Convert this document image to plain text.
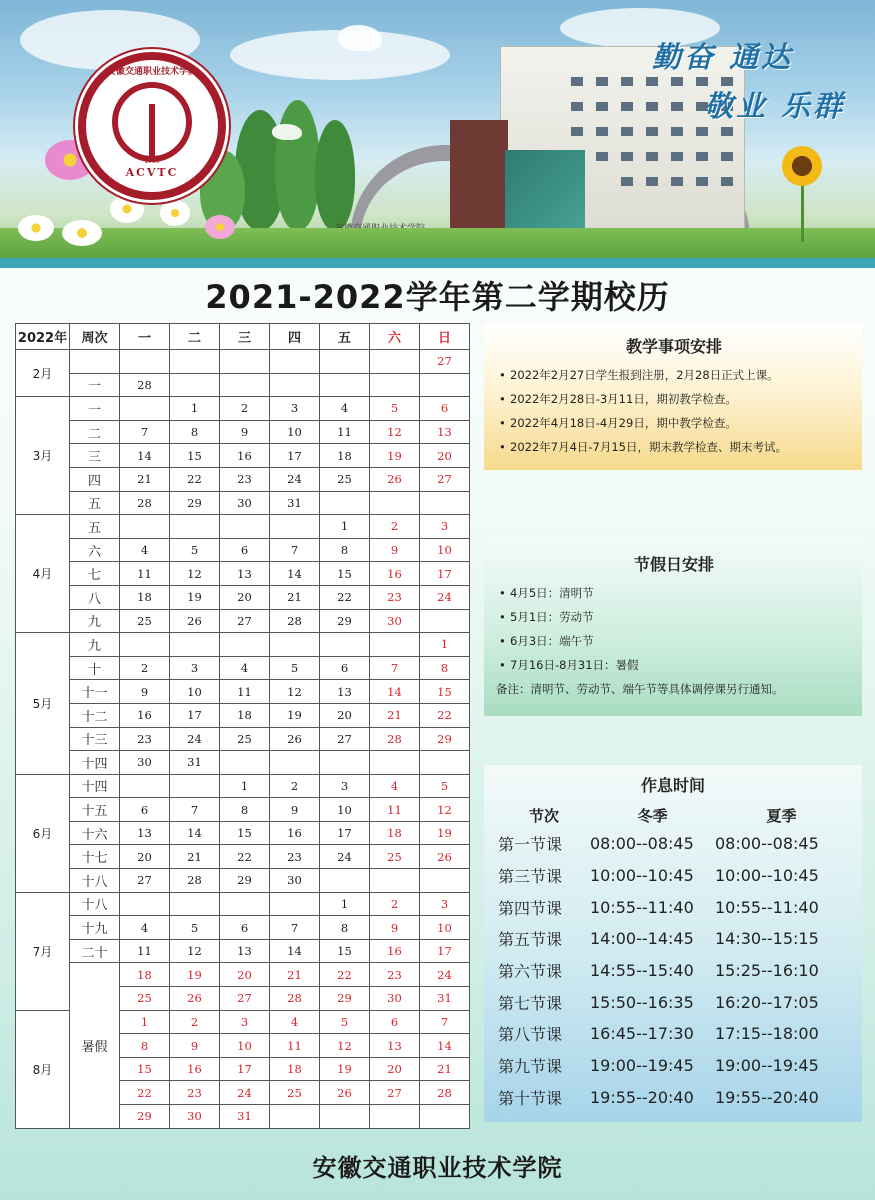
安徽交通职业技术学院
1956
ACVTC
勤奋 通达
敬业 乐群
2021-2022学年第二学期校历
2022年	周次	一	二	三	四	五	六	日
2月								27
	一	28						
3月	一		1	2	3	4	5	6
	二	7	8	9	10	11	12	13
	三	14	15	16	17	18	19	20
	四	21	22	23	24	25	26	27
	五	28	29	30	31			
4月	五					1	2	3
	六	4	5	6	7	8	9	10
	七	11	12	13	14	15	16	17
	八	18	19	20	21	22	23	24
	九	25	26	27	28	29	30	
5月	九							1
	十	2	3	4	5	6	7	8
	十一	9	10	11	12	13	14	15
	十二	16	17	18	19	20	21	22
	十三	23	24	25	26	27	28	29
	十四	30	31					
6月	十四			1	2	3	4	5
	十五	6	7	8	9	10	11	12
	十六	13	14	15	16	17	18	19
	十七	20	21	22	23	24	25	26
	十八	27	28	29	30			
7月	十八					1	2	3
	十九	4	5	6	7	8	9	10
	二十	11	12	13	14	15	16	17
	暑假	18	19	20	21	22	23	24
		25	26	27	28	29	30	31
8月		1	2	3	4	5	6	7
		8	9	10	11	12	13	14
		15	16	17	18	19	20	21
		22	23	24	25	26	27	28
		29	30	31				
教学事项安排
• 2022年2月27日学生报到注册，2月28日正式上课。
• 2022年2月28日-3月11日，期初教学检查。
• 2022年4月18日-4月29日，期中教学检查。
• 2022年7月4日-7月15日，期末教学检查、期末考试。
节假日安排
• 4月5日：清明节
• 5月1日：劳动节
• 6月3日：端午节
• 7月16日-8月31日：暑假
备注：清明节、劳动节、端午节等具体调停课另行通知。
作息时间
节次	冬季	夏季
第一节课	08:00--08:45	08:00--08:45
第三节课	10:00--10:45	10:00--10:45
第四节课	10:55--11:40	10:55--11:40
第五节课	14:00--14:45	14:30--15:15
第六节课	14:55--15:40	15:25--16:10
第七节课	15:50--16:35	16:20--17:05
第八节课	16:45--17:30	17:15--18:00
第九节课	19:00--19:45	19:00--19:45
第十节课	19:55--20:40	19:55--20:40
安徽交通职业技术学院
